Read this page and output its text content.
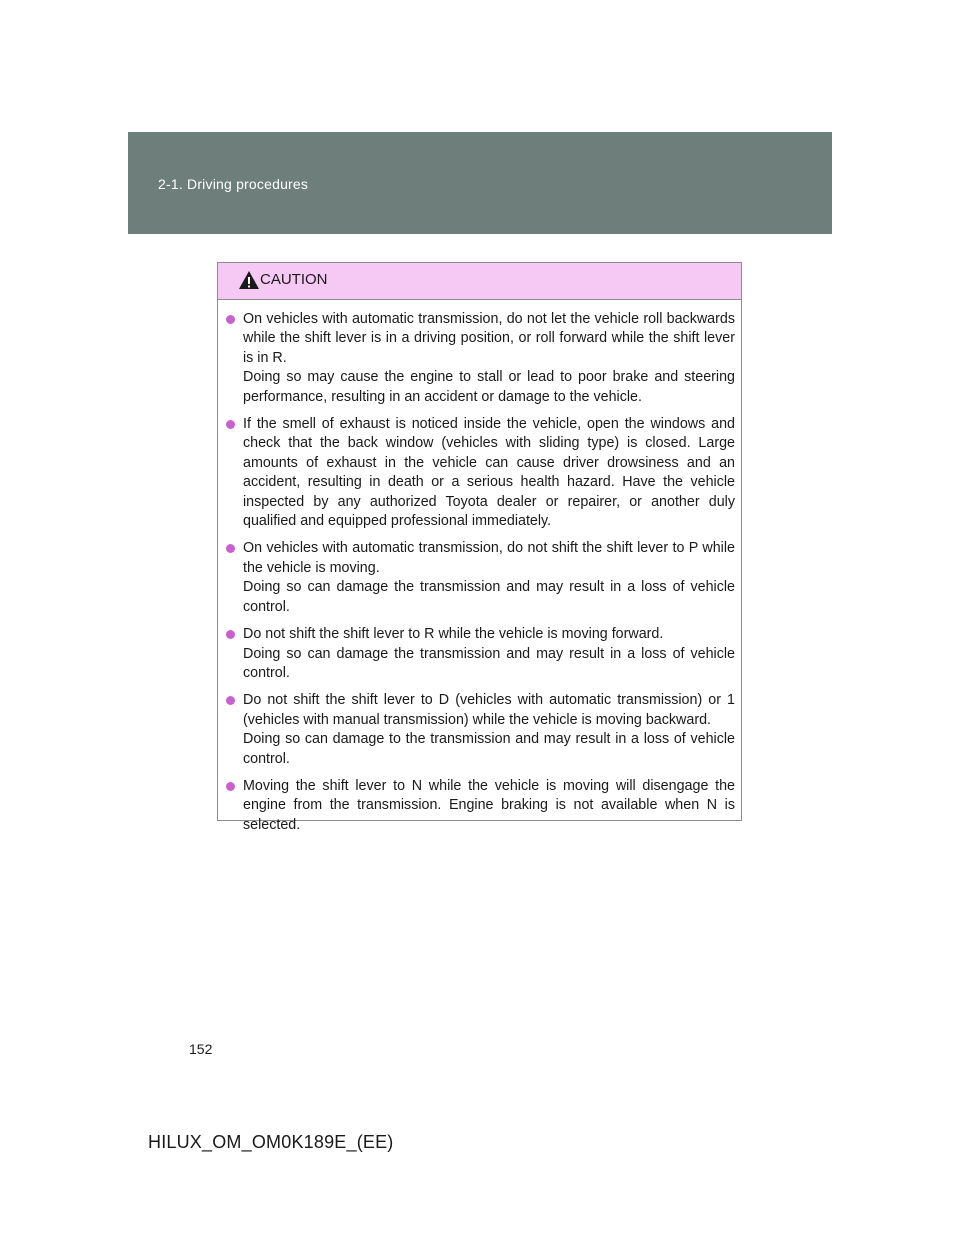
2-1. Driving procedures
CAUTION

On vehicles with automatic transmission, do not let the vehicle roll backwards while the shift lever is in a driving position, or roll forward while the shift lever is in R.

Doing so may cause the engine to stall or lead to poor brake and steering performance, resulting in an accident or damage to the vehicle.

If the smell of exhaust is noticed inside the vehicle, open the windows and check that the back window (vehicles with sliding type) is closed. Large amounts of exhaust in the vehicle can cause driver drowsiness and an accident, resulting in death or a serious health hazard. Have the vehicle inspected by any authorized Toyota dealer or repairer, or another duly qualified and equipped professional immediately.

On vehicles with automatic transmission, do not shift the shift lever to P while the vehicle is moving.

Doing so can damage the transmission and may result in a loss of vehicle control.

Do not shift the shift lever to R while the vehicle is moving forward.

Doing so can damage the transmission and may result in a loss of vehicle control.

Do not shift the shift lever to D (vehicles with automatic transmission) or 1 (vehicles with manual transmission) while the vehicle is moving backward.

Doing so can damage to the transmission and may result in a loss of vehicle control.

Moving the shift lever to N while the vehicle is moving will disengage the engine from the transmission. Engine braking is not available when N is selected.

152
HILUX_OM_OM0K189E_(EE)
